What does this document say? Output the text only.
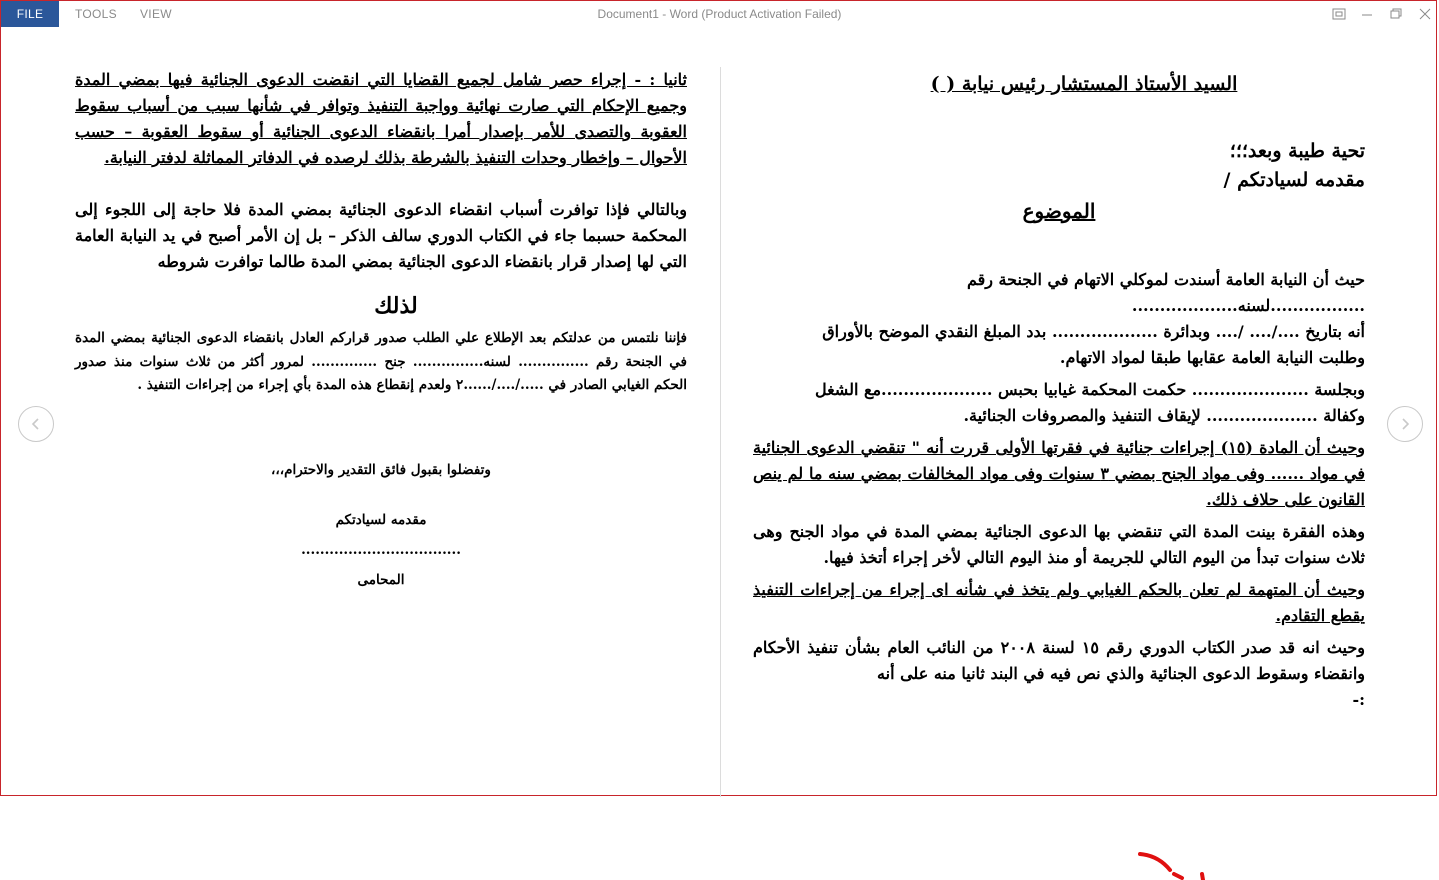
Document1 - Word (Product Activation Failed)
FILE	TOOLS VIEW

السيد الأستاذ المستشار رئيس نيابة ( )

تحية طيبة وبعد؛؛؛

مقدمه لسيادتكم /

الموضوع

حيث أن النيابة العامة أسندت لموكلي الاتهام في الجنحة رقم

.................لسنه...................

أنه بتاريخ ..../.... /.... وبدائرة ................... بدد المبلغ النقدي الموضح بالأوراق

وطلبت النيابة العامة عقابها طبقا لمواد الاتهام.

وبجلسة ..................... حكمت المحكمة غيابيا بحبس ....................مع الشغل

وكفالة .................... لإيقاف التنفيذ والمصروفات الجنائية.

وحيث أن المادة (١٥) إجراءات جنائية في فقرتها الأولى قررت أنه " تنقضي الدعوى الجنائية في مواد ...... وفى مواد الجنح بمضي ٣ سنوات وفى مواد المخالفات بمضي سنه ما لم ينص القانون على حلاف ذلك.

وهذه الفقرة بينت المدة التي تنقضي بها الدعوى الجنائية بمضي المدة في مواد الجنح وهى ثلاث سنوات تبدأ من اليوم التالي للجريمة أو منذ اليوم التالي لأخر إجراء أتخذ فيها.

وحيث أن المتهمة لم تعلن بالحكم الغيابي ولم يتخذ في شأنه اى إجراء من إجراءات التنفيذ يقطع التقادم.

وحيث انه قد صدر الكتاب الدوري رقم ١٥ لسنة ٢٠٠٨ من النائب العام بشأن تنفيذ الأحكام وانقضاء وسقوط الدعوى الجنائية والذي نص فيه في البند ثانيا منه على أنه

:-

ثانيا : - إجراء حصر شامل لجميع القضايا التي انقضت الدعوى الجنائية فيها بمضي المدة وجميع الإحكام التي صارت نهائية وواجبة التنفيذ وتوافر في شأنها سبب من أسباب سقوط العقوبة والتصدى للأمر بإصدار أمرا بانقضاء الدعوى الجنائية أو سقوط العقوبة – حسب الأحوال – وإخطار وحدات التنفيذ بالشرطة بذلك لرصده في الدفاتر المماثلة لدفتر النيابة.

وبالتالي فإذا توافرت أسباب انقضاء الدعوى الجنائية بمضي المدة فلا حاجة إلى اللجوء إلى المحكمة حسبما جاء في الكتاب الدوري سالف الذكر – بل إن الأمر أصبح في يد النيابة العامة التي لها إصدار قرار بانقضاء الدعوى الجنائية بمضي المدة طالما توافرت شروطه

لذلك

فإننا نلتمس من عدلتكم بعد الإطلاع علي الطلب صدور قراركم العادل بانقضاء الدعوى الجنائية بمضي المدة في الجنحة رقم ............... لسنه............... جنح .............. لمرور أكثر من ثلاث سنوات منذ صدور الحكم الغيابي الصادر في ...../..../......٢ ولعدم إنقطاع هذه المدة بأي إجراء من إجراءات التنفيذ .

وتفضلوا بقبول فائق التقدير والاحترام،،،

مقدمه لسيادتكم

..................................

المحامى
